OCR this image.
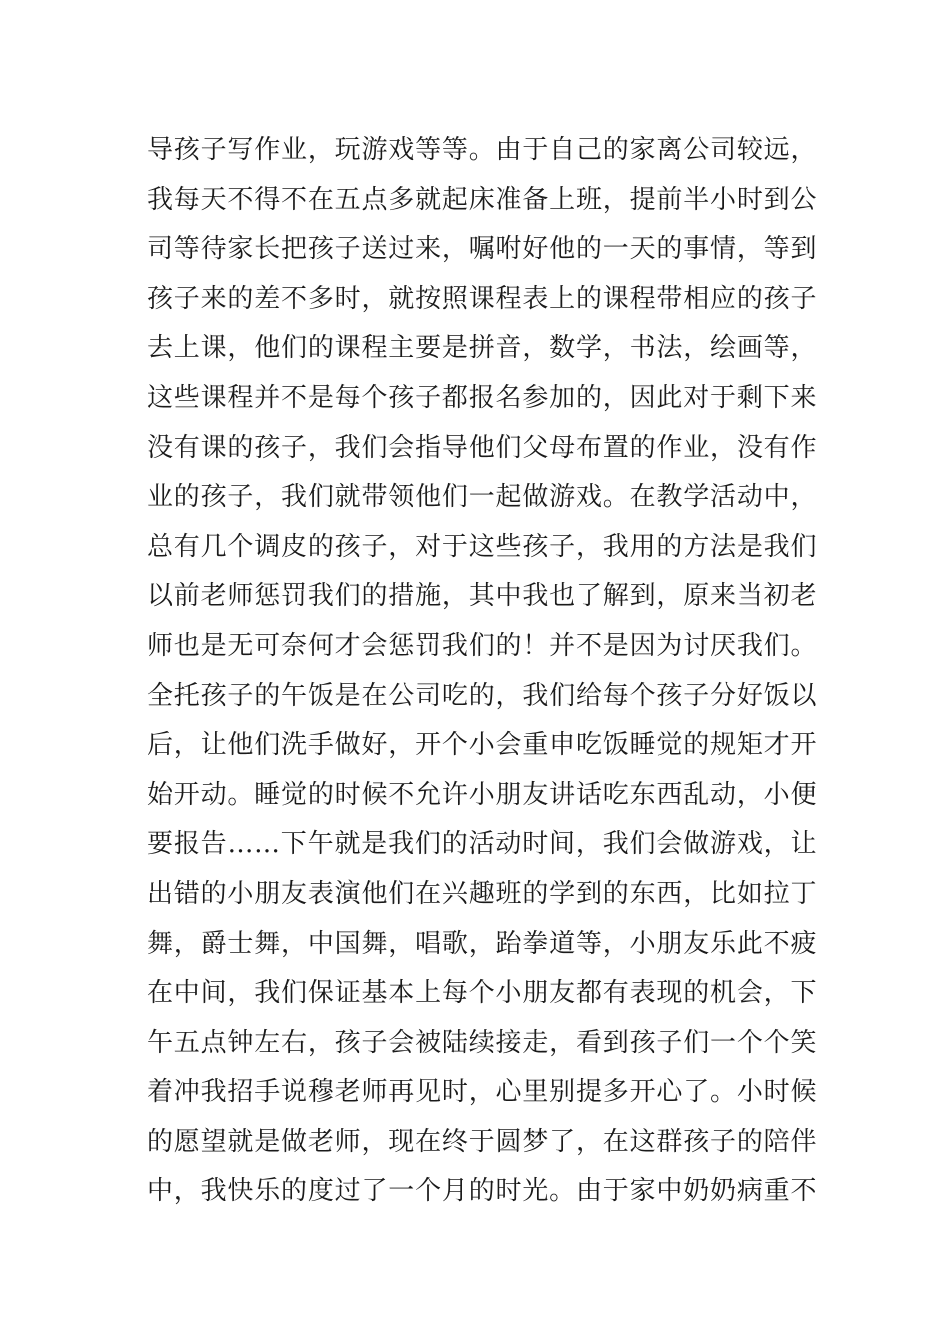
导孩子写作业，玩游戏等等。由于自己的家离公司较远，
我每天不得不在五点多就起床准备上班，提前半小时到公
司等待家长把孩子送过来，嘱咐好他的一天的事情，等到
孩子来的差不多时，就按照课程表上的课程带相应的孩子
去上课，他们的课程主要是拼音，数学，书法，绘画等，
这些课程并不是每个孩子都报名参加的，因此对于剩下来
没有课的孩子，我们会指导他们父母布置的作业，没有作
业的孩子，我们就带领他们一起做游戏。在教学活动中，
总有几个调皮的孩子，对于这些孩子，我用的方法是我们
以前老师惩罚我们的措施，其中我也了解到，原来当初老
师也是无可奈何才会惩罚我们的！并不是因为讨厌我们。
全托孩子的午饭是在公司吃的，我们给每个孩子分好饭以
后，让他们洗手做好，开个小会重申吃饭睡觉的规矩才开
始开动。睡觉的时候不允许小朋友讲话吃东西乱动，小便
要报告……下午就是我们的活动时间，我们会做游戏，让
出错的小朋友表演他们在兴趣班的学到的东西，比如拉丁
舞，爵士舞，中国舞，唱歌，跆拳道等，小朋友乐此不疲
在中间，我们保证基本上每个小朋友都有表现的机会，下
午五点钟左右，孩子会被陆续接走，看到孩子们一个个笑
着冲我招手说穆老师再见时，心里别提多开心了。小时候
的愿望就是做老师，现在终于圆梦了，在这群孩子的陪伴
中，我快乐的度过了一个月的时光。由于家中奶奶病重不
